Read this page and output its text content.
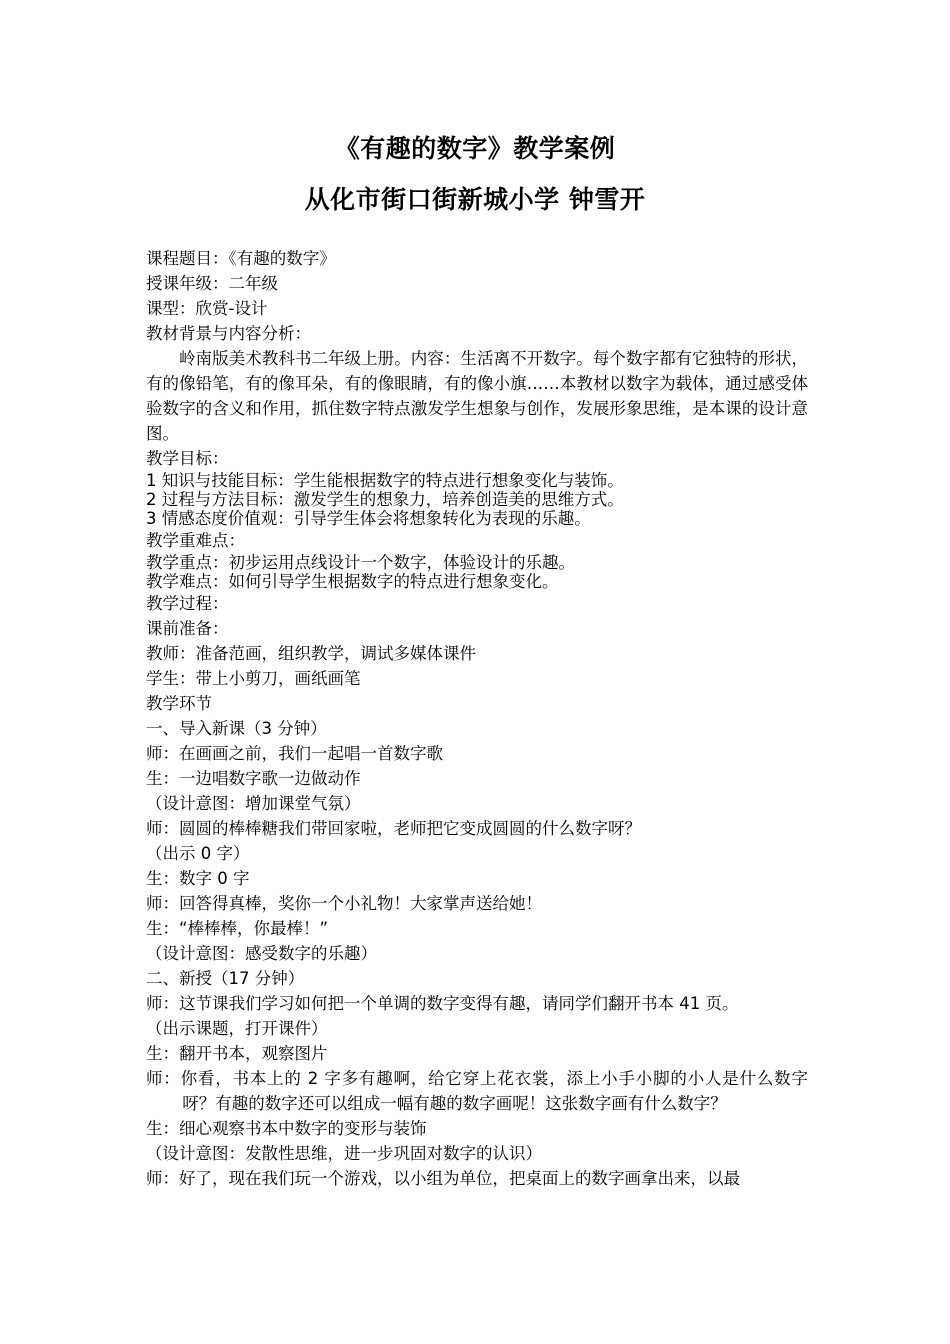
《有趣的数字》教学案例
从化市街口街新城小学 钟雪开
课程题目：《有趣的数字》
授课年级：二年级
课型：欣赏-设计
教材背景与内容分析：
岭南版美术教科书二年级上册。内容：生活离不开数字。每个数字都有它独特的形状，有的像铅笔，有的像耳朵，有的像眼睛，有的像小旗……本教材以数字为载体，通过感受体验数字的含义和作用，抓住数字特点激发学生想象与创作，发展形象思维，是本课的设计意图。
教学目标：
1 知识与技能目标：学生能根据数字的特点进行想象变化与装饰。
2 过程与方法目标：激发学生的想象力，培养创造美的思维方式。
3 情感态度价值观：引导学生体会将想象转化为表现的乐趣。
教学重难点：
教学重点：初步运用点线设计一个数字，体验设计的乐趣。
教学难点：如何引导学生根据数字的特点进行想象变化。
教学过程：
课前准备：
教师：准备范画，组织教学，调试多媒体课件
学生：带上小剪刀，画纸画笔
教学环节
一、导入新课（3 分钟）
师：在画画之前，我们一起唱一首数字歌
生：一边唱数字歌一边做动作
（设计意图：增加课堂气氛）
师：圆圆的棒棒糖我们带回家啦，老师把它变成圆圆的什么数字呀？
（出示 0 字）
生：数字 0 字
师：回答得真棒，奖你一个小礼物！大家掌声送给她！
生：“棒棒棒，你最棒！”
（设计意图：感受数字的乐趣）
二、新授（17 分钟）
师：这节课我们学习如何把一个单调的数字变得有趣，请同学们翻开书本 41 页。
（出示课题，打开课件）
生：翻开书本，观察图片
师：你看，书本上的 2 字多有趣啊，给它穿上花衣裳，添上小手小脚的小人是什么数字呀？有趣的数字还可以组成一幅有趣的数字画呢！这张数字画有什么数字？
生：细心观察书本中数字的变形与装饰
（设计意图：发散性思维，进一步巩固对数字的认识）
师：好了，现在我们玩一个游戏，以小组为单位，把桌面上的数字画拿出来，以最
